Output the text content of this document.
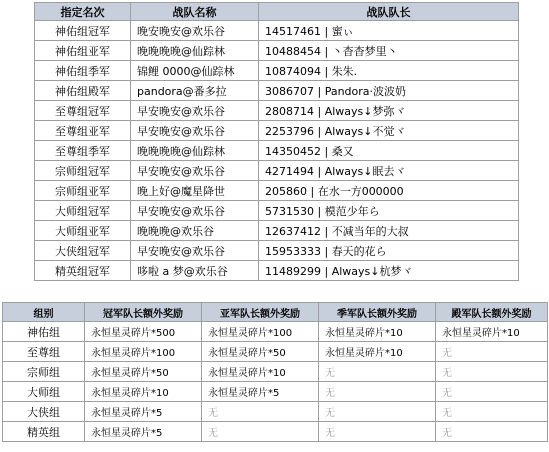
指定名次	战队名称	战队队长
神佑组冠军	晚安晚安@欢乐谷	14517461 | 蜜ぃ
神佑组亚军	晚晚晚晚@仙踪林	10488454 | 丶杳杳梦里丶
神佑组季军	锦鲤 0000@仙踪林	10874094 | 朱朱.
神佑组殿军	pandora@番多拉	3086707 | Pandora·波波奶
至尊组冠军	早安晚安@欢乐谷	2808714 | Always↓梦弥ヾ
至尊组亚军	早安晚安@欢乐谷	2253796 | Always↓不觉ヾ
至尊组季军	晚晚晚晚@仙踪林	14350452 | 桑又
宗师组冠军	早安晚安@欢乐谷	4271494 | Always↓眠去ヾ
宗师组亚军	晚上好@魔星降世	205860 | 在水一方000000
大师组冠军	早安晚安@欢乐谷	5731530 | 模范少年ら
大师组亚军	晚晚晚@欢乐谷	12637412 | 不减当年的大叔
大侠组冠军	早安晚安@欢乐谷	15953333 | 春天的花ら
精英组冠军	哆啦 a 梦@欢乐谷	11489299 | Always↓杭梦ヾ
组别	冠军队长额外奖励	亚军队长额外奖励	季军队长额外奖励	殿军队长额外奖励
神佑组	永恒星灵碎片*500	永恒星灵碎片*100	永恒星灵碎片*10	永恒星灵碎片*10
至尊组	永恒星灵碎片*100	永恒星灵碎片*50	永恒星灵碎片*10	无
宗师组	永恒星灵碎片*50	永恒星灵碎片*10	无	无
大师组	永恒星灵碎片*10	永恒星灵碎片*5	无	无
大侠组	永恒星灵碎片*5	无	无	无
精英组	永恒星灵碎片*5	无	无	无
